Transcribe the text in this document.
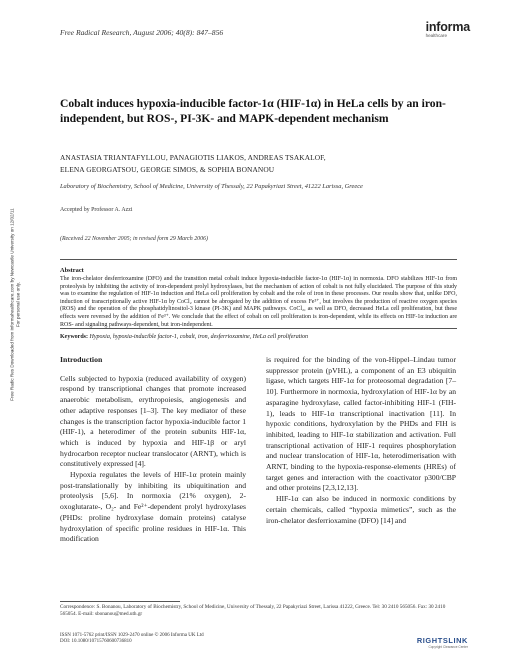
Free Radic Res Downloaded from informahealthcare.com by Newcastle University on 12/02/11 For personal use only.
Free Radical Research, August 2006; 40(8): 847–856	informa
healthcare
Cobalt induces hypoxia-inducible factor-1α (HIF-1α) in HeLa cells by an iron-independent, but ROS-, PI-3K- and MAPK-dependent mechanism
ANASTASIA TRIANTAFYLLOU, PANAGIOTIS LIAKOS, ANDREAS TSAKALOF,
ELENA GEORGATSOU, GEORGE SIMOS, & SOPHIA BONANOU
Laboratory of Biochemistry, School of Medicine, University of Thessaly, 22 Papakyriazi Street, 41222 Larissa, Greece
Accepted by Professor A. Azzi
(Received 22 November 2005; in revised form 29 March 2006)
Abstract

The iron-chelator desferrioxamine (DFO) and the transition metal cobalt induce hypoxia-inducible factor-1α (HIF-1α) in normoxia. DFO stabilizes HIF-1α from proteolysis by inhibiting the activity of iron-dependent prolyl hydroxylases, but the mechanism of action of cobalt is not fully elucidated. The purpose of this study was to examine the regulation of HIF-1α induction and HeLa cell proliferation by cobalt and the role of iron in these processes. Our results show that, unlike DFO, induction of transcriptionally active HIF-1α by CoCl₂ cannot be abrogated by the addition of excess Fe³⁺, but involves the production of reactive oxygen species (ROS) and the operation of the phosphatidylinositol-3 kinase (PI-3K) and MAPK pathways. CoCl₂, as well as DFO, decreased HeLa cell proliferation, but these effects were reversed by the addition of Fe³⁺. We conclude that the effect of cobalt on cell proliferation is iron-dependent, while its effects on HIF-1α induction are ROS- and signaling pathways-dependent, but iron-independent.

Keywords: Hypoxia, hypoxia-inducible factor-1, cobalt, iron, desferrioxamine, HeLa cell proliferation
Introduction

Cells subjected to hypoxia (reduced availability of oxygen) respond by transcriptional changes that promote increased anaerobic metabolism, erythropoiesis, angiogenesis and other adaptive responses [1–3]. The key mediator of these changes is the transcription factor hypoxia-inducible factor 1 (HIF-1), a heterodimer of the protein subunits HIF-1α, which is induced by hypoxia and HIF-1β or aryl hydrocarbon receptor nuclear translocator (ARNT), which is constitutively expressed [4].

Hypoxia regulates the levels of HIF-1α protein mainly post-translationally by inhibiting its ubiquitination and proteolysis [5,6]. In normoxia (21% oxygen), 2-oxoglutarate-, O₂- and Fe²⁺-dependent prolyl hydroxylases (PHDs: proline hydroxylase domain proteins) catalyse hydroxylation of specific proline residues in HIF-1α. This modification

is required for the binding of the von-Hippel–Lindau tumor suppressor protein (pVHL), a component of an E3 ubiquitin ligase, which targets HIF-1α for proteosomal degradation [7–10]. Furthermore in normoxia, hydroxylation of HIF-1α by an asparagine hydroxylase, called factor-inhibiting HIF-1 (FIH-1), leads to HIF-1α transcriptional inactivation [11]. In hypoxic conditions, hydroxylation by the PHDs and FIH is inhibited, leading to HIF-1α stabilization and activation. Full transcriptional activation of HIF-1 requires phosphorylation and nuclear translocation of HIF-1α, heterodimerisation with ARNT, binding to the hypoxia-response-elements (HREs) of target genes and interaction with the coactivator p300/CBP and other proteins [2,3,12,13].

HIF-1α can also be induced in normoxic conditions by certain chemicals, called “hypoxia mimetics”, such as the iron-chelator desferrioxamine (DFO) [14] and

Correspondence: S. Bonanou, Laboratory of Biochemistry, School of Medicine, University of Thessaly, 22 Papakyriazi Street, Larissa 41222, Greece. Tel: 30 2410 565056. Fax: 30 2410 565054. E-mail: sbonanou@med.uth.gr
ISSN 1071-5762 print/ISSN 1029-2470 online © 2006 Informa UK Ltd
DOI: 10.1080/10715760600736810	RIGHTSLINK
Copyright Clearance Center
